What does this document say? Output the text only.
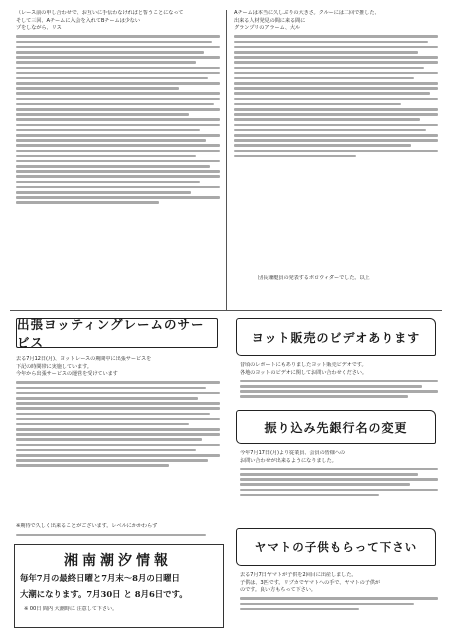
（レース前の申し合わせで、お互いに手伝わなければと誓うことになって
そして三回、Aチームに入会を入れてBチームは少ない
プをしながら、リス
Aチームは本当に久しぶりの大きさ。クルーには二回で推した、
出来る人材発見の間に来る間に
グランプリのアラーム、大ル
団長兼艇員の発表するボロウィダーでした。以上
出張ヨッティングレームのサービス
去る7月12日(月)、ヨットレースの期間中に出張サービスを
下記の時間帯に実施しています。
今年から出張サービスの運営を受けています
※期待で久しく出来ることがございます。レベルにかかわらず
湘南潮汐情報
毎年7月の最終日曜と7月末〜8月の日曜日
大潮になります。7月30日 と 8月6日です。
※ 00日 間内 大潮時に 注意して下さい。
ヨット販売のビデオあります
昔頃のレポートにもありましたヨット販売ビデオです。
各地のヨットのビデオに関してお問い合わせください。
振り込み先銀行名の変更
今年7月17日(月)より従業員、会員の皆様への
お問い合わせが出来るようになりました。
ヤマトの子供もらって下さい
去る7月7日ヤマトが子供を2回目に出産しました。
子供は、3匹です。リブカでヤマトへの手で、ヤマトの子供が
のです。良い方もちって下さい。
